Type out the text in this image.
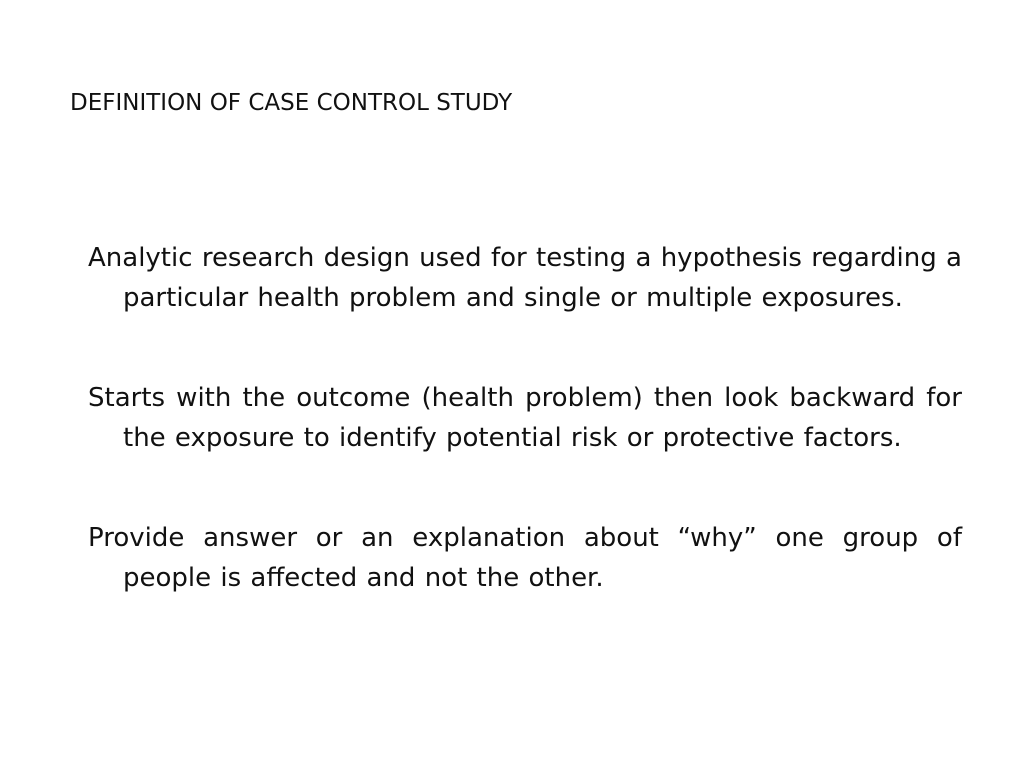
DEFINITION OF CASE CONTROL STUDY
Analytic research design used for testing a hypothesis regarding a particular health problem and single or multiple exposures.
Starts with the outcome (health problem) then look backward for the exposure to identify potential risk or protective factors.
Provide answer or an explanation about “why” one group of people is affected and not the other.
